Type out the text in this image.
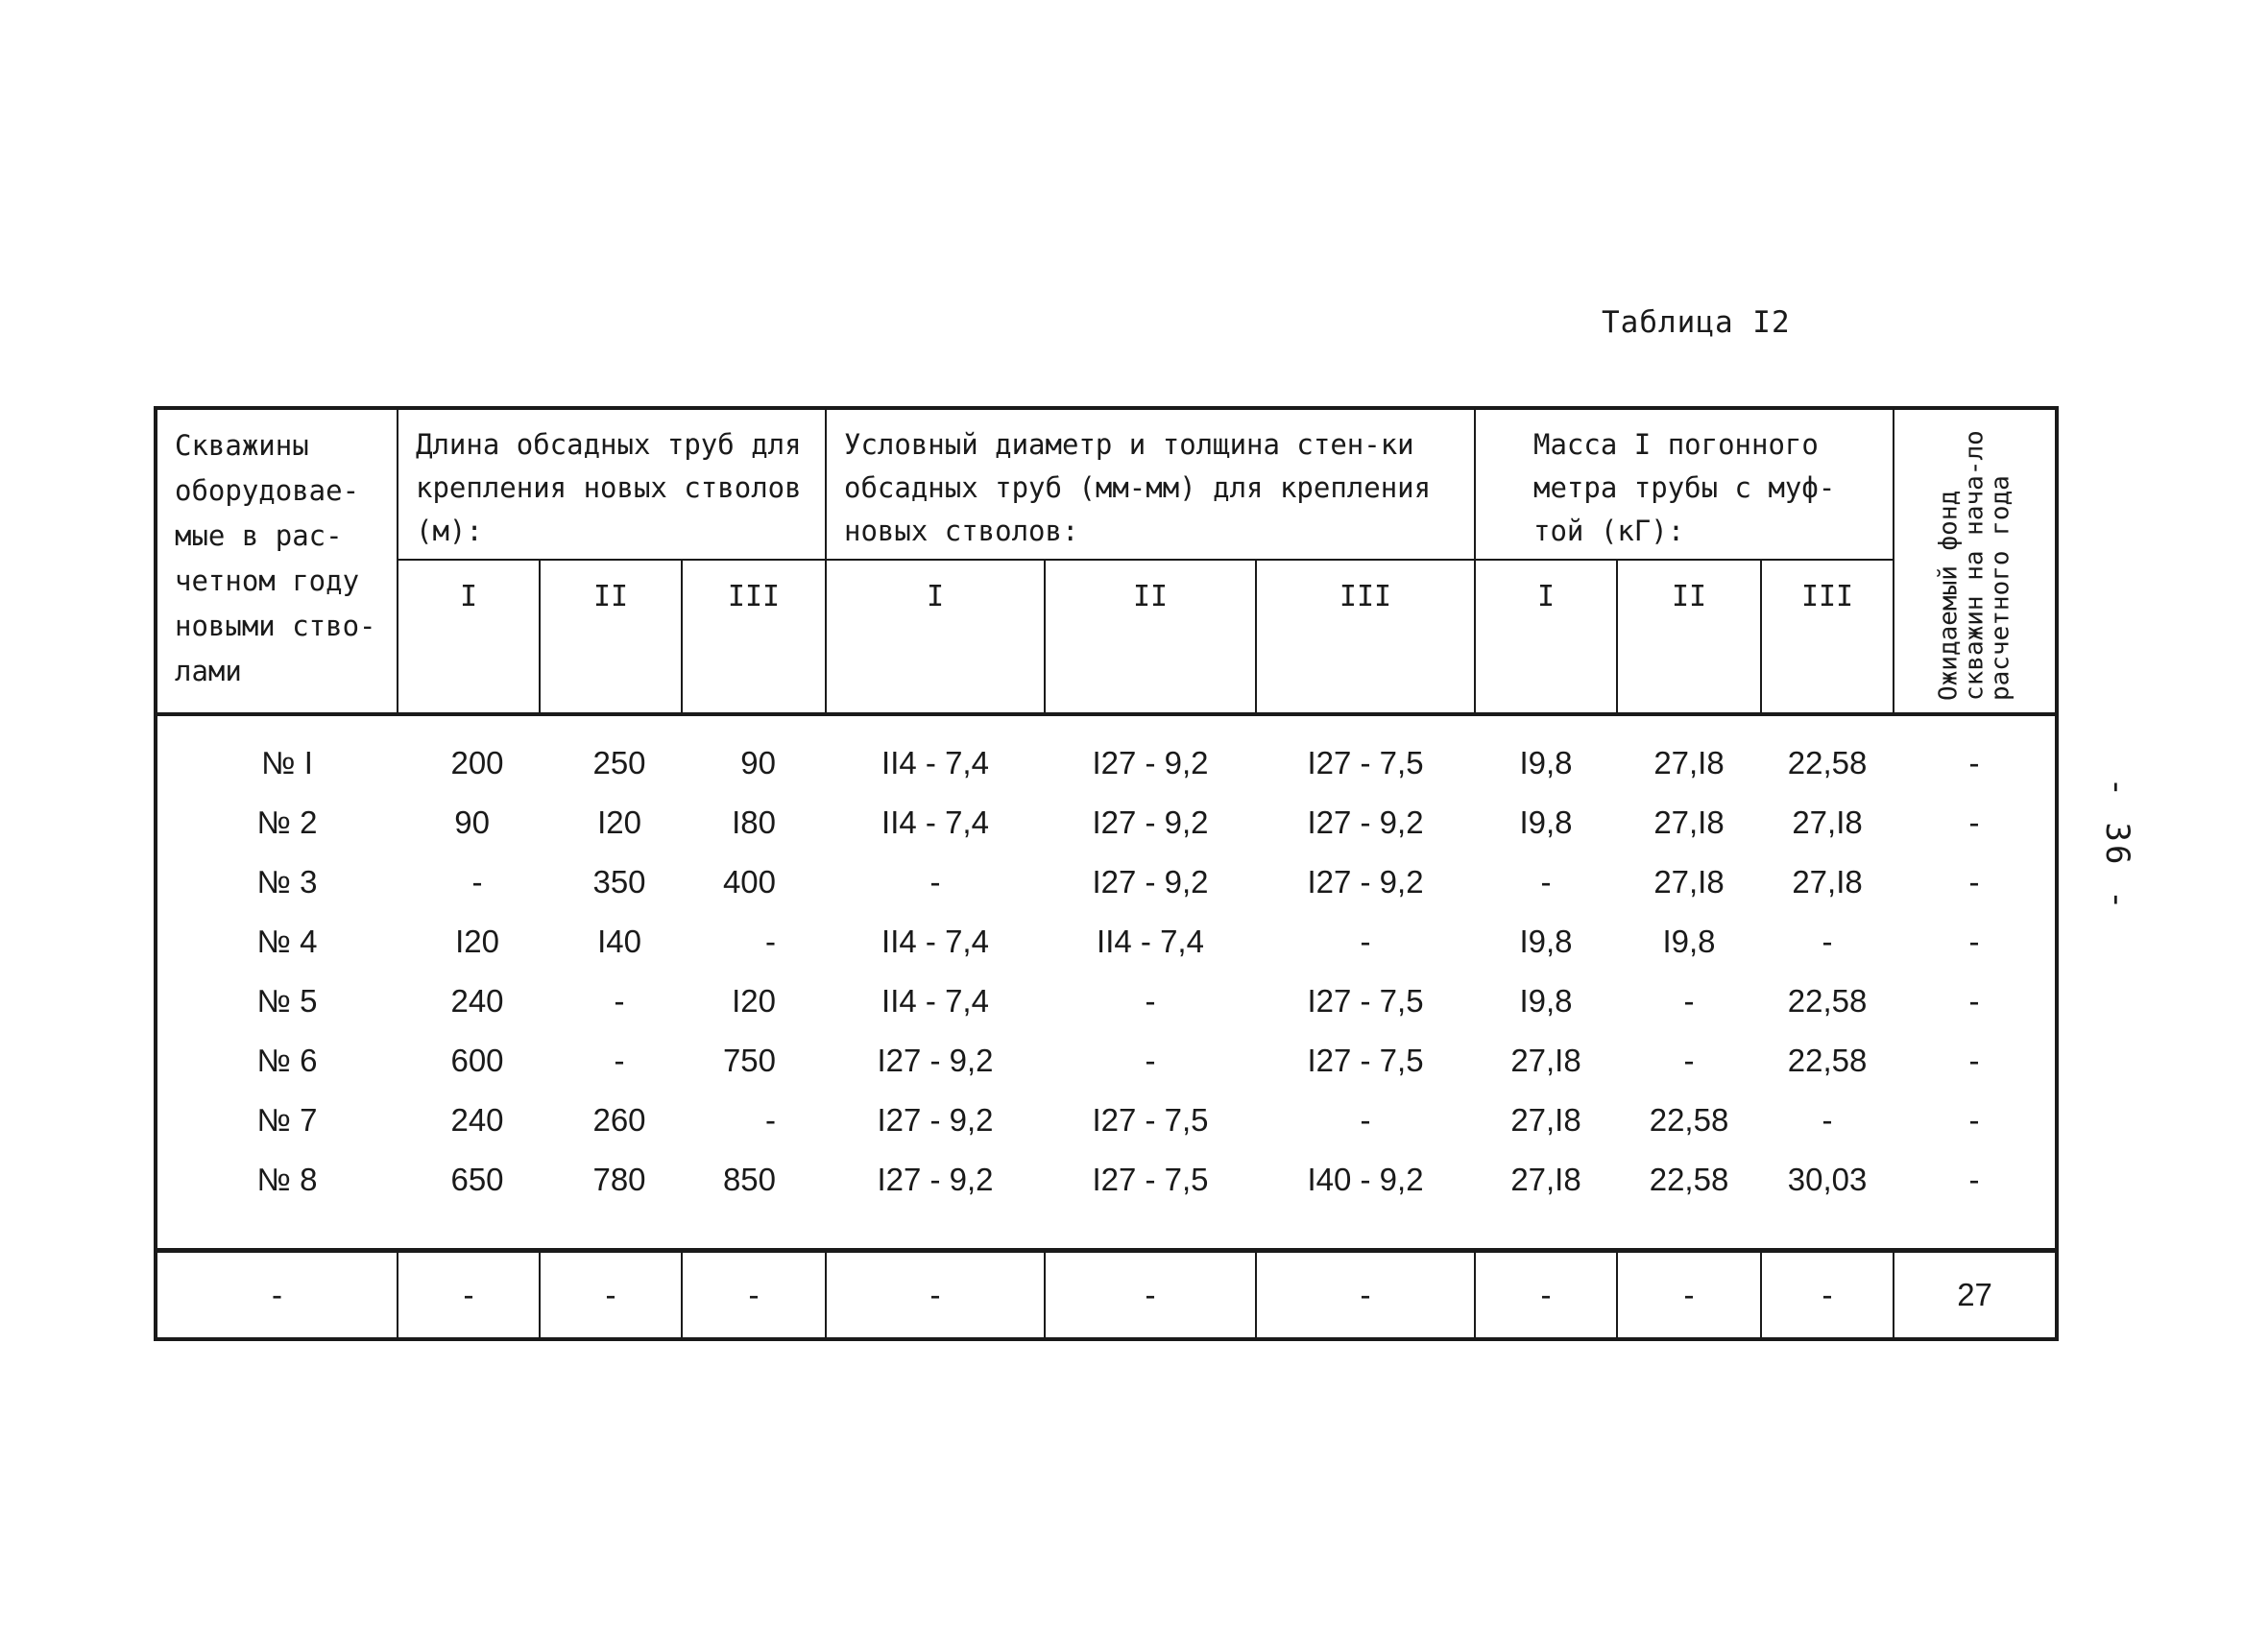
Таблица I2
- 36 -
Скважины оборудовае-мые в рас-четном году новыми ство-лами	Длина обсадных труб для крепления новых стволов (м):			Условный диаметр и толщина стен-ки обсадных труб (мм-мм) для крепления новых стволов:			Масса I погонного метра трубы с муф-той (кГ):			Ожидаемый фонд скважин на нача-ло расчетного года

	I	II	III	I	II	III	I	II	III	

№ I	200	250	90	II4 - 7,4	I27 - 9,2	I27 - 7,5	I9,8	27,I8	22,58	-
№ 2	90	I20	I80	II4 - 7,4	I27 - 9,2	I27 - 9,2	I9,8	27,I8	27,I8	-
№ 3	-	350	400	-	I27 - 9,2	I27 - 9,2	-	27,I8	27,I8	-
№ 4	I20	I40	-	II4 - 7,4	II4 - 7,4	-	I9,8	I9,8	-	-
№ 5	240	-	I20	II4 - 7,4	-	I27 - 7,5	I9,8	-	22,58	-
№ 6	600	-	750	I27 - 9,2	-	I27 - 7,5	27,I8	-	22,58	-
№ 7	240	260	-	I27 - 9,2	I27 - 7,5	-	27,I8	22,58	-	-
№ 8	650	780	850	I27 - 9,2	I27 - 7,5	I40 - 9,2	27,I8	22,58	30,03	-

-	-	-	-	-	-	-	-	-	-	27
